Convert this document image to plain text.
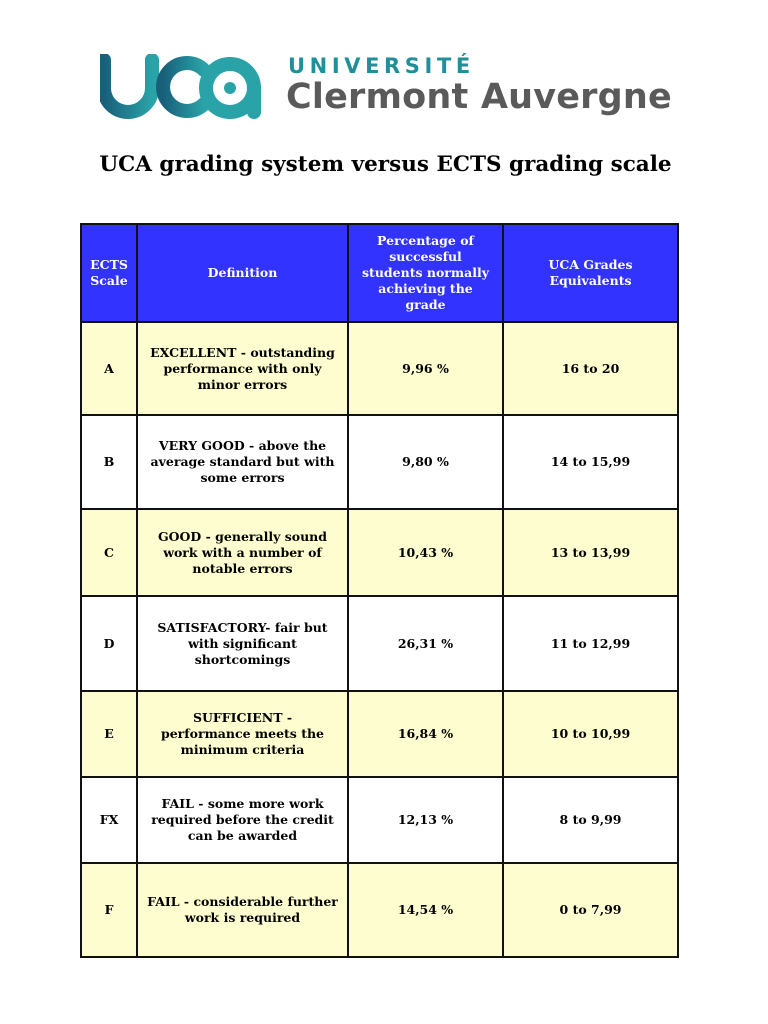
UNIVERSITÉ
Clermont Auvergne
UCA grading system versus ECTS grading scale
ECTS Scale	Definition	Percentage of successful students normally achieving the grade	UCA Grades Equivalents
A	EXCELLENT - outstanding performance with only minor errors	9,96 %	16 to 20
B	VERY GOOD - above the average standard but with some errors	9,80 %	14 to 15,99
C	GOOD - generally sound work with a number of notable errors	10,43 %	13 to 13,99
D	SATISFACTORY- fair but with significant shortcomings	26,31 %	11 to 12,99
E	SUFFICIENT - performance meets the minimum criteria	16,84 %	10 to 10,99
FX	FAIL - some more work required before the credit can be awarded	12,13 %	8 to 9,99
F	FAIL - considerable further work is required	14,54 %	0 to 7,99
